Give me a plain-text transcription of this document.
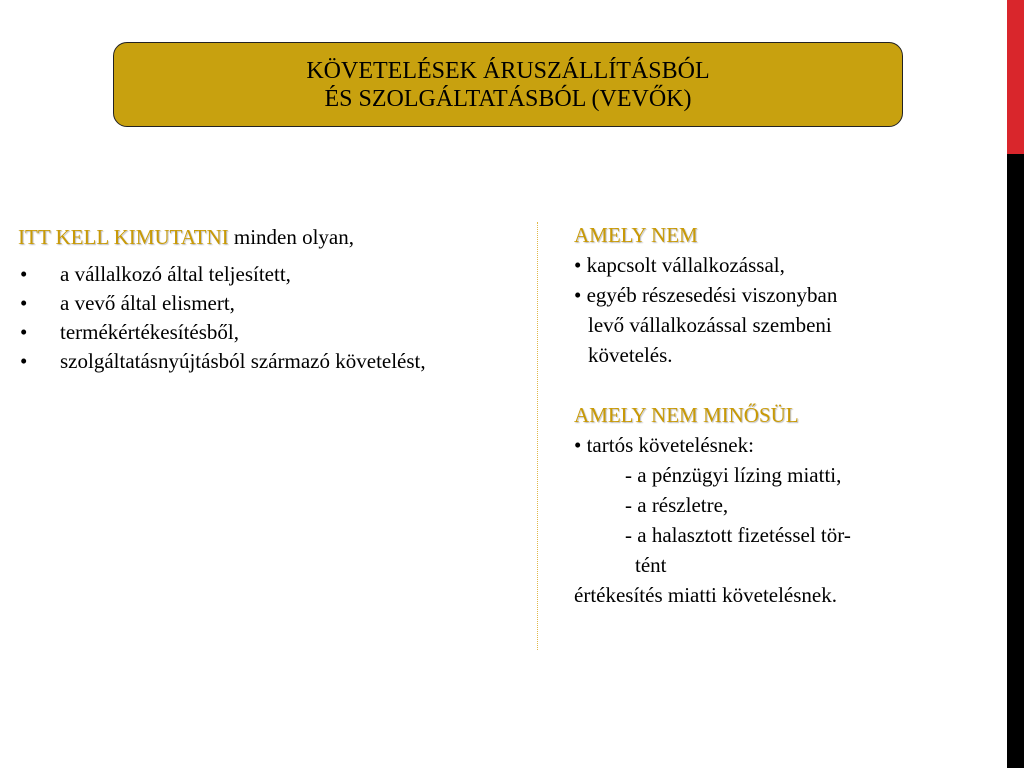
KÖVETELÉSEK ÁRUSZÁLLÍTÁSBÓL
ÉS SZOLGÁLTATÁSBÓL (VEVŐK)
ITT KELL KIMUTATNI minden olyan,
•	a vállalkozó által teljesített,
•	a vevő által elismert,
•	termékértékesítésből,
•	szolgáltatásnyújtásból származó követelést,
AMELY NEM
• kapcsolt vállalkozással,
• egyéb részesedési viszonyban
levő vállalkozással szembeni
követelés.
AMELY NEM MINŐSÜL
• tartós követelésnek:
- a pénzügyi lízing miatti,
- a részletre,
- a halasztott fizetéssel tör-
tént
értékesítés miatti követelésnek.
